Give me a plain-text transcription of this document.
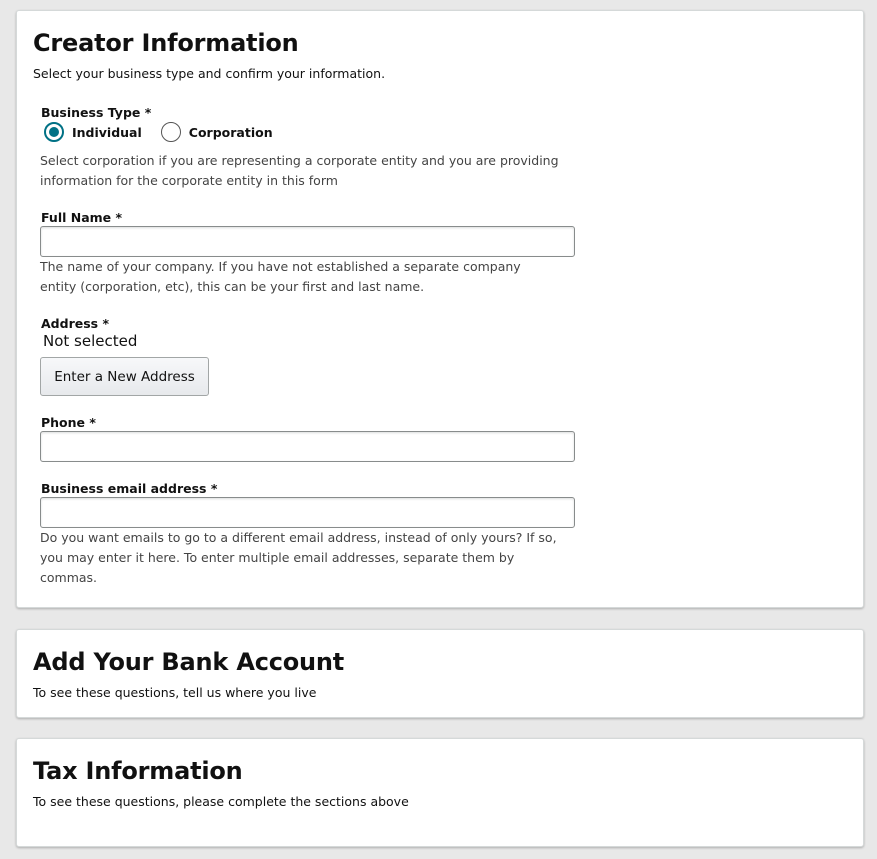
Creator Information
Select your business type and confirm your information.
Business Type *
Individual	Corporation
Select corporation if you are representing a corporate entity and you are providing information for the corporate entity in this form
Full Name *
The name of your company. If you have not established a separate company entity (corporation, etc), this can be your first and last name.
Address *
Not selected
Enter a New Address
Phone *
Business email address *
Do you want emails to go to a different email address, instead of only yours? If so, you may enter it here. To enter multiple email addresses, separate them by commas.
Add Your Bank Account
To see these questions, tell us where you live
Tax Information
To see these questions, please complete the sections above
